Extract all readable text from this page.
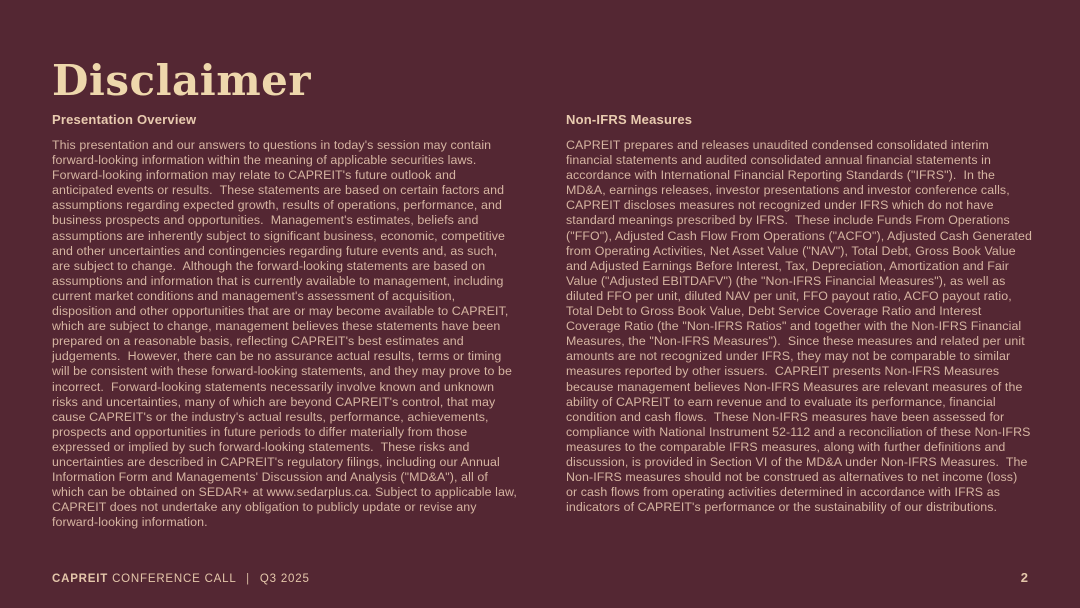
Disclaimer
Presentation Overview

This presentation and our answers to questions in today's session may contain forward-looking information within the meaning of applicable securities laws.  Forward-looking information may relate to CAPREIT's future outlook and anticipated events or results.  These statements are based on certain factors and assumptions regarding expected growth, results of operations, performance, and business prospects and opportunities.  Management's estimates, beliefs and assumptions are inherently subject to significant business, economic, competitive and other uncertainties and contingencies regarding future events and, as such, are subject to change.  Although the forward-looking statements are based on assumptions and information that is currently available to management, including current market conditions and management's assessment of acquisition, disposition and other opportunities that are or may become available to CAPREIT, which are subject to change, management believes these statements have been prepared on a reasonable basis, reflecting CAPREIT's best estimates and judgements.  However, there can be no assurance actual results, terms or timing will be consistent with these forward-looking statements, and they may prove to be incorrect.  Forward-looking statements necessarily involve known and unknown risks and uncertainties, many of which are beyond CAPREIT's control, that may cause CAPREIT's or the industry's actual results, performance, achievements, prospects and opportunities in future periods to differ materially from those expressed or implied by such forward-looking statements.  These risks and uncertainties are described in CAPREIT's regulatory filings, including our Annual Information Form and Managements' Discussion and Analysis ("MD&A"), all of which can be obtained on SEDAR+ at www.sedarplus.ca. Subject to applicable law, CAPREIT does not undertake any obligation to publicly update or revise any forward-looking information.

Non-IFRS Measures

CAPREIT prepares and releases unaudited condensed consolidated interim financial statements and audited consolidated annual financial statements in accordance with International Financial Reporting Standards ("IFRS").  In the MD&A, earnings releases, investor presentations and investor conference calls, CAPREIT discloses measures not recognized under IFRS which do not have standard meanings prescribed by IFRS.  These include Funds From Operations ("FFO"), Adjusted Cash Flow From Operations ("ACFO"), Adjusted Cash Generated from Operating Activities, Net Asset Value ("NAV"), Total Debt, Gross Book Value and Adjusted Earnings Before Interest, Tax, Depreciation, Amortization and Fair Value ("Adjusted EBITDAFV") (the "Non-IFRS Financial Measures"), as well as diluted FFO per unit, diluted NAV per unit, FFO payout ratio, ACFO payout ratio, Total Debt to Gross Book Value, Debt Service Coverage Ratio and Interest Coverage Ratio (the "Non-IFRS Ratios" and together with the Non-IFRS Financial Measures, the "Non-IFRS Measures").  Since these measures and related per unit amounts are not recognized under IFRS, they may not be comparable to similar measures reported by other issuers.  CAPREIT presents Non-IFRS Measures because management believes Non-IFRS Measures are relevant measures of the ability of CAPREIT to earn revenue and to evaluate its performance, financial condition and cash flows.  These Non-IFRS measures have been assessed for compliance with National Instrument 52-112 and a reconciliation of these Non-IFRS measures to the comparable IFRS measures, along with further definitions and discussion, is provided in Section VI of the MD&A under Non-IFRS Measures.  The Non-IFRS measures should not be construed as alternatives to net income (loss) or cash flows from operating activities determined in accordance with IFRS as indicators of CAPREIT's performance or the sustainability of our distributions.

CAPREIT CONFERENCE CALL | Q3 2025	2
